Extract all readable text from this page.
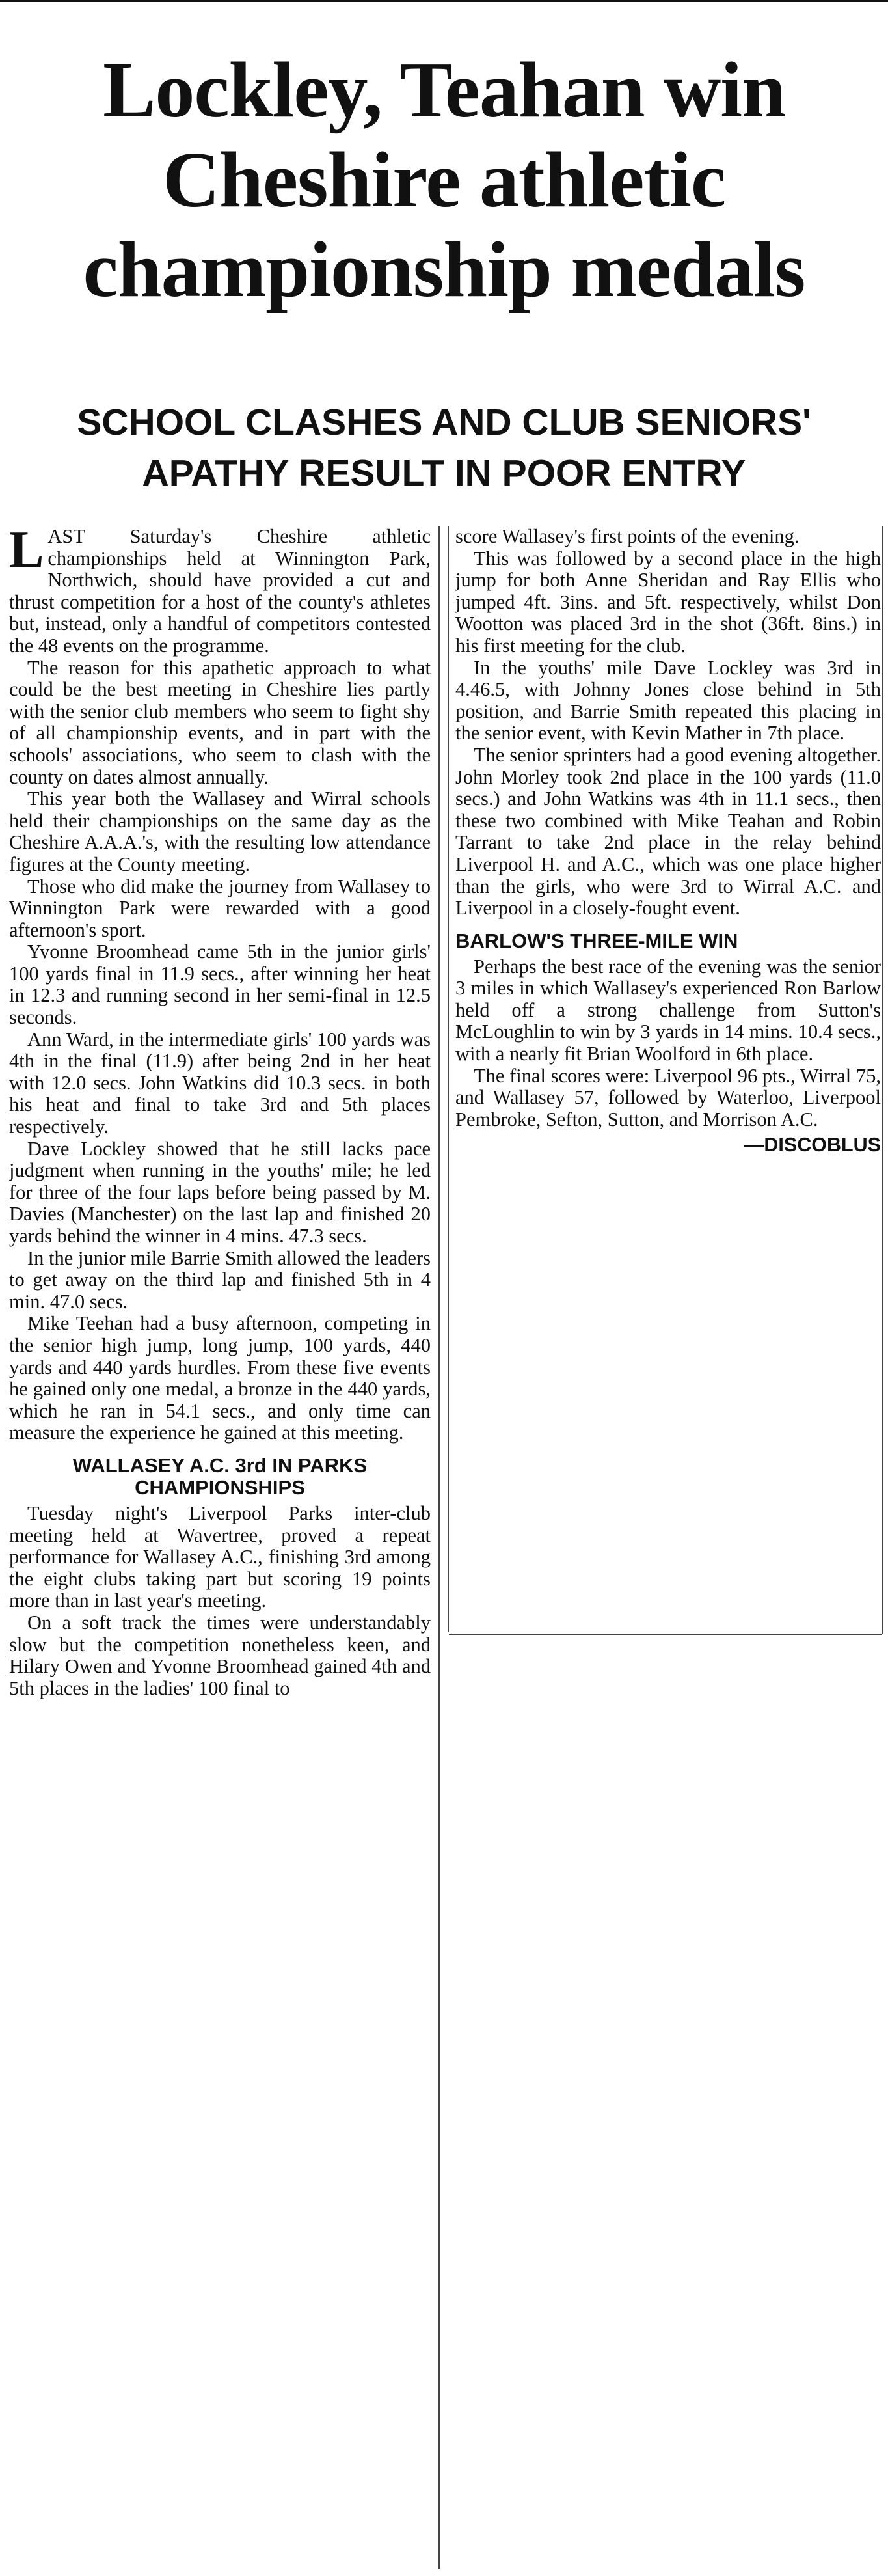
Lockley, Teahan win
Cheshire athletic
championship medals
SCHOOL CLASHES AND CLUB SENIORS'
APATHY RESULT IN POOR ENTRY

LAST Saturday's Cheshire athletic championships held at Winnington Park, Northwich, should have provided a cut and thrust competition for a host of the county's athletes but, instead, only a handful of competitors contested the 48 events on the programme.

The reason for this apathetic approach to what could be the best meeting in Cheshire lies partly with the senior club members who seem to fight shy of all championship events, and in part with the schools' associations, who seem to clash with the county on dates almost annually.

This year both the Wallasey and Wirral schools held their championships on the same day as the Cheshire A.A.A.'s, with the resulting low attendance figures at the County meeting.

Those who did make the journey from Wallasey to Winnington Park were rewarded with a good afternoon's sport.

Yvonne Broomhead came 5th in the junior girls' 100 yards final in 11.9 secs., after winning her heat in 12.3 and running second in her semi-final in 12.5 seconds.

Ann Ward, in the intermediate girls' 100 yards was 4th in the final (11.9) after being 2nd in her heat with 12.0 secs. John Watkins did 10.3 secs. in both his heat and final to take 3rd and 5th places respectively.

Dave Lockley showed that he still lacks pace judgment when running in the youths' mile; he led for three of the four laps before being passed by M. Davies (Manchester) on the last lap and finished 20 yards behind the winner in 4 mins. 47.3 secs.

In the junior mile Barrie Smith allowed the leaders to get away on the third lap and finished 5th in 4 min. 47.0 secs.

Mike Teehan had a busy afternoon, competing in the senior high jump, long jump, 100 yards, 440 yards and 440 yards hurdles. From these five events he gained only one medal, a bronze in the 440 yards, which he ran in 54.1 secs., and only time can measure the experience he gained at this meeting.

WALLASEY A.C. 3rd IN PARKS
CHAMPIONSHIPS

Tuesday night's Liverpool Parks inter-club meeting held at Wavertree, proved a repeat performance for Wallasey A.C., finishing 3rd among the eight clubs taking part but scoring 19 points more than in last year's meeting.

On a soft track the times were understandably slow but the competition nonetheless keen, and Hilary Owen and Yvonne Broomhead gained 4th and 5th places in the ladies' 100 final to

score Wallasey's first points of the evening.

This was followed by a second place in the high jump for both Anne Sheridan and Ray Ellis who jumped 4ft. 3ins. and 5ft. respectively, whilst Don Wootton was placed 3rd in the shot (36ft. 8ins.) in his first meeting for the club.

In the youths' mile Dave Lockley was 3rd in 4.46.5, with Johnny Jones close behind in 5th position, and Barrie Smith repeated this placing in the senior event, with Kevin Mather in 7th place.

The senior sprinters had a good evening altogether. John Morley took 2nd place in the 100 yards (11.0 secs.) and John Watkins was 4th in 11.1 secs., then these two combined with Mike Teahan and Robin Tarrant to take 2nd place in the relay behind Liverpool H. and A.C., which was one place higher than the girls, who were 3rd to Wirral A.C. and Liverpool in a closely-fought event.

BARLOW'S THREE-MILE WIN

Perhaps the best race of the evening was the senior 3 miles in which Wallasey's experienced Ron Barlow held off a strong challenge from Sutton's McLoughlin to win by 3 yards in 14 mins. 10.4 secs., with a nearly fit Brian Woolford in 6th place.

The final scores were: Liverpool 96 pts., Wirral 75, and Wallasey 57, followed by Waterloo, Liverpool Pembroke, Sefton, Sutton, and Morrison A.C.

—DISCOBLUS
